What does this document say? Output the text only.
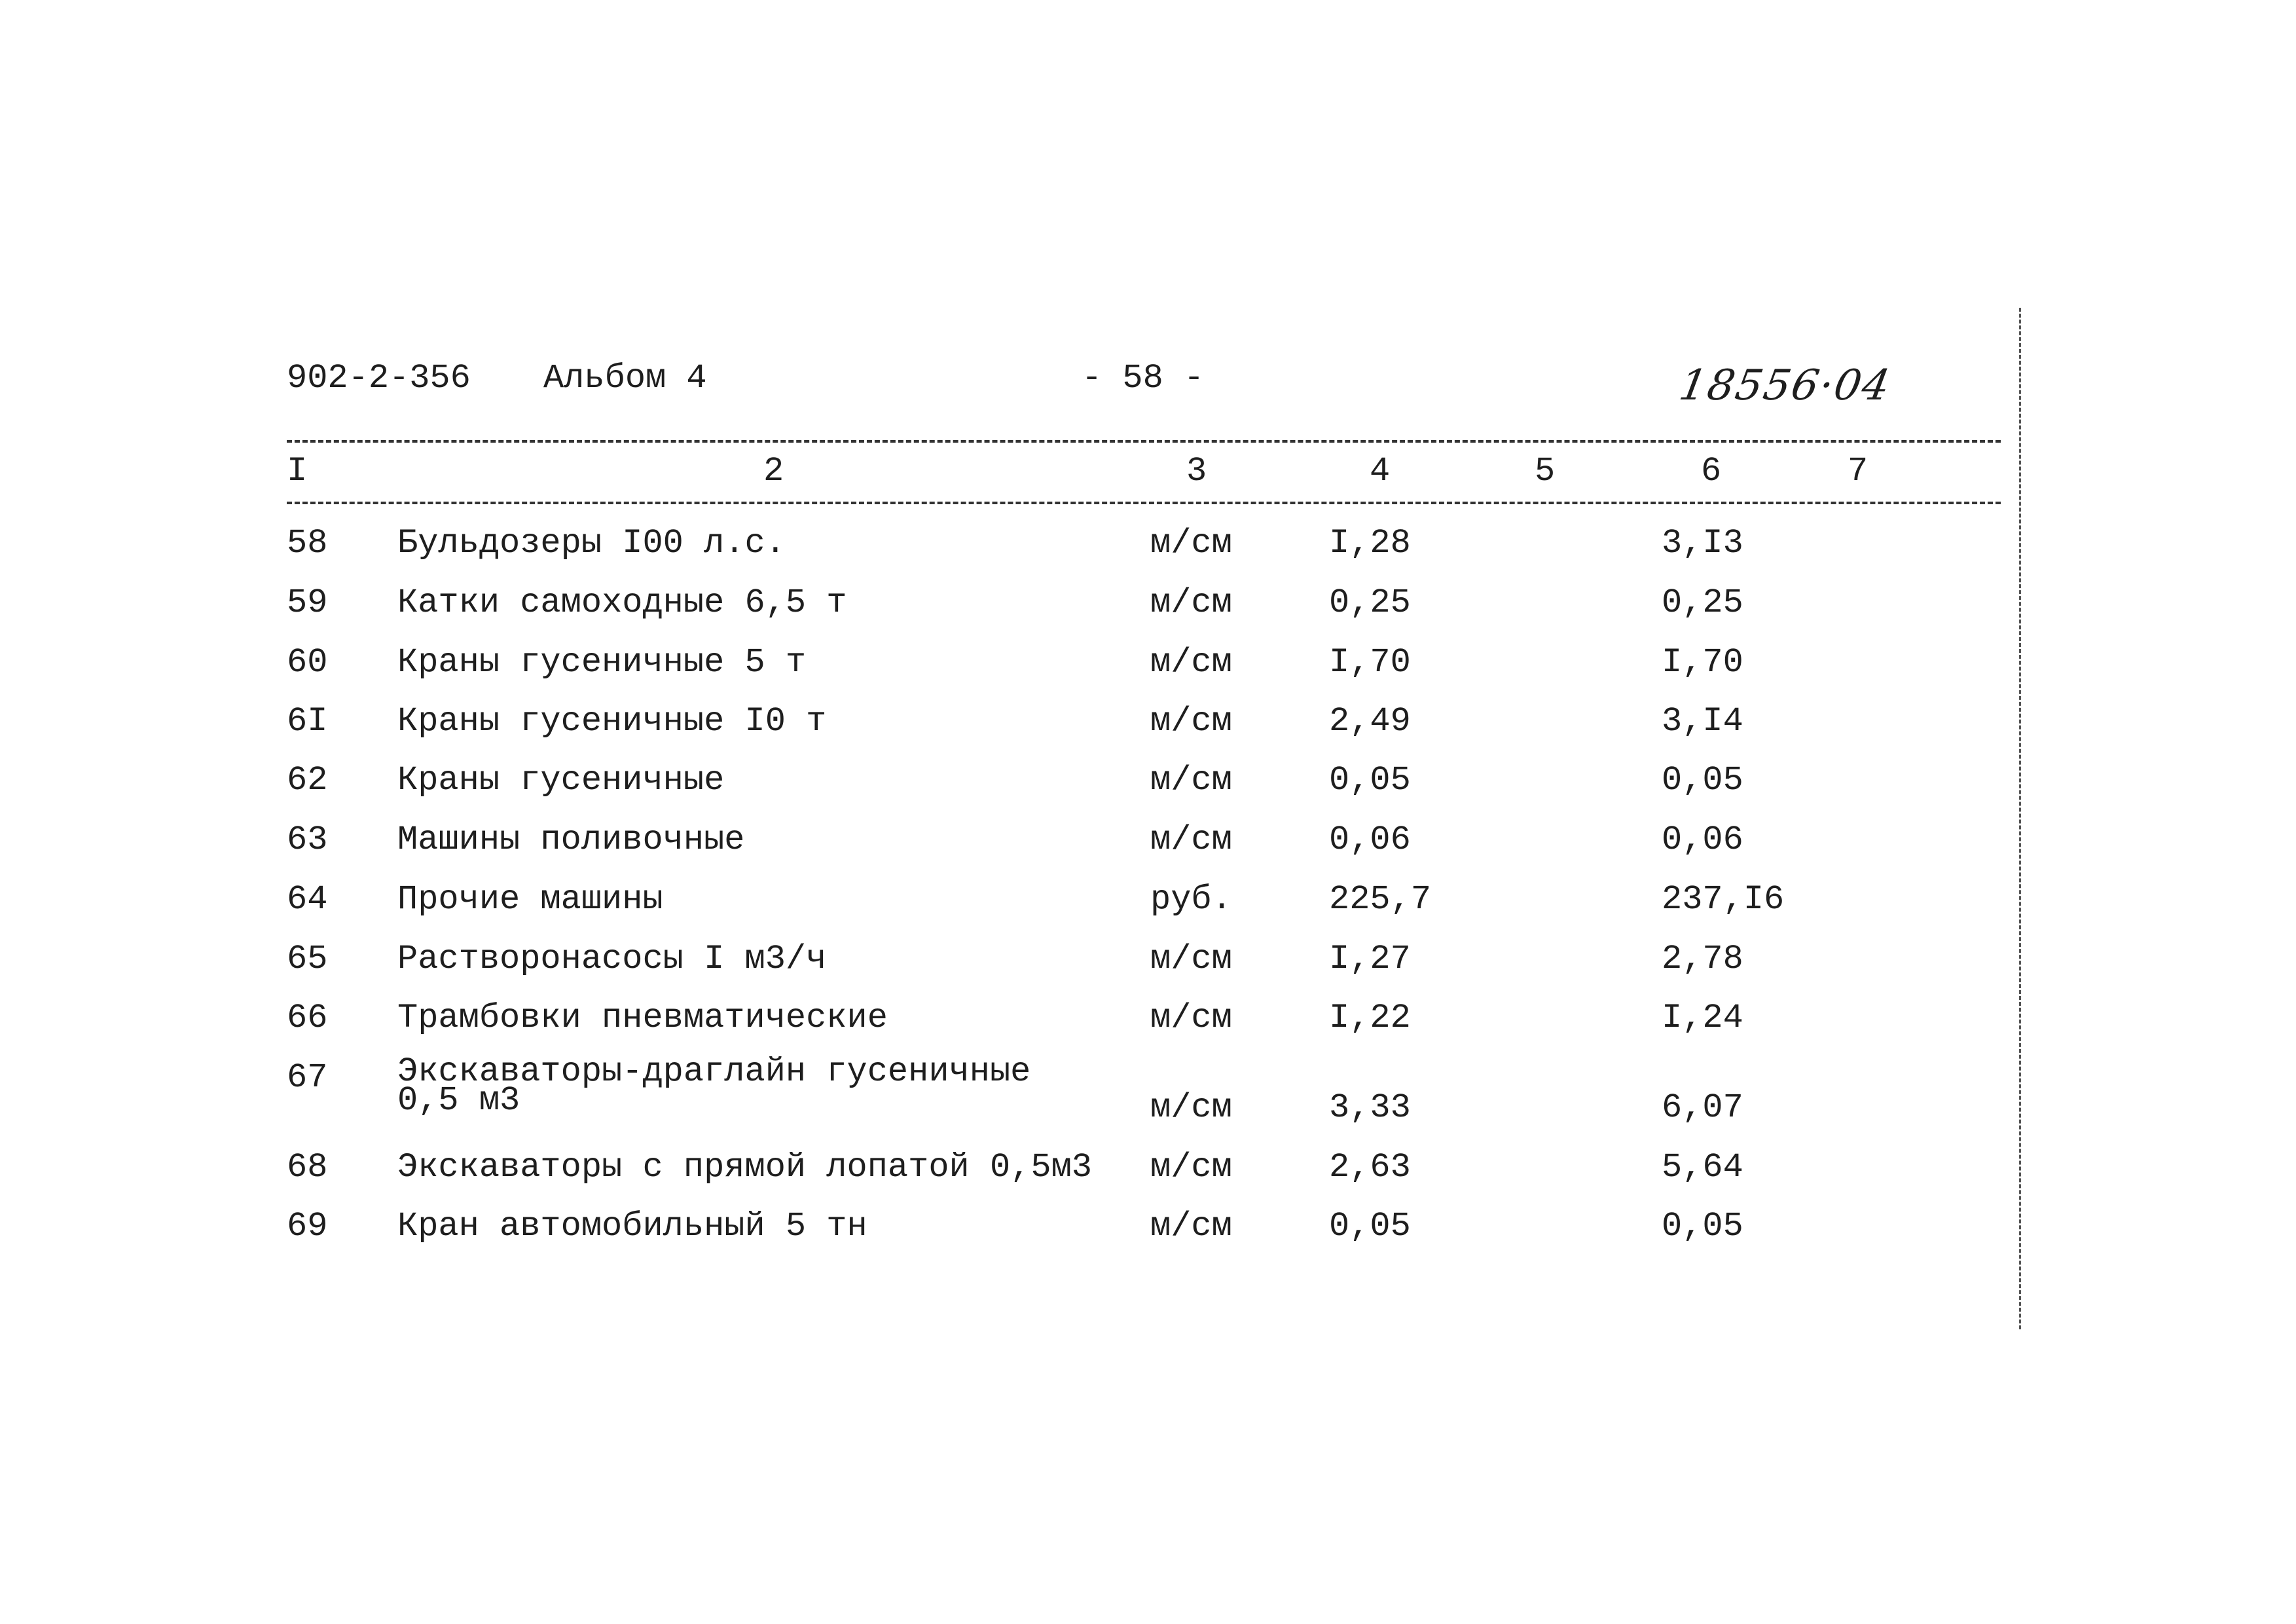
902-2-356 Альбом 4	- 58 -	18556·04
I	2	3	4	5	6	7
58 Бульдозеры I00 л.с.	м/см	I,28	3,I3
59 Катки самоходные 6,5 т	м/см	0,25	0,25
60 Краны гусеничные 5 т	м/см	I,70	I,70
6I Краны гусеничные I0 т	м/см	2,49	3,I4
62 Краны гусеничные	м/см	0,05	0,05
63 Машины поливочные	м/см	0,06	0,06
64 Прочие машины	руб.	225,7	237,I6
65 Растворонасосы I м3/ч	м/см	I,27	2,78
66 Трамбовки пневматические	м/см	I,22	I,24
67 Экскаваторы-драглайн гусеничные
0,5 м3	м/см	3,33	6,07
68 Экскаваторы с прямой лопатой 0,5м3 м/см	2,63	5,64
69 Кран автомобильный 5 тн	м/см	0,05	0,05
